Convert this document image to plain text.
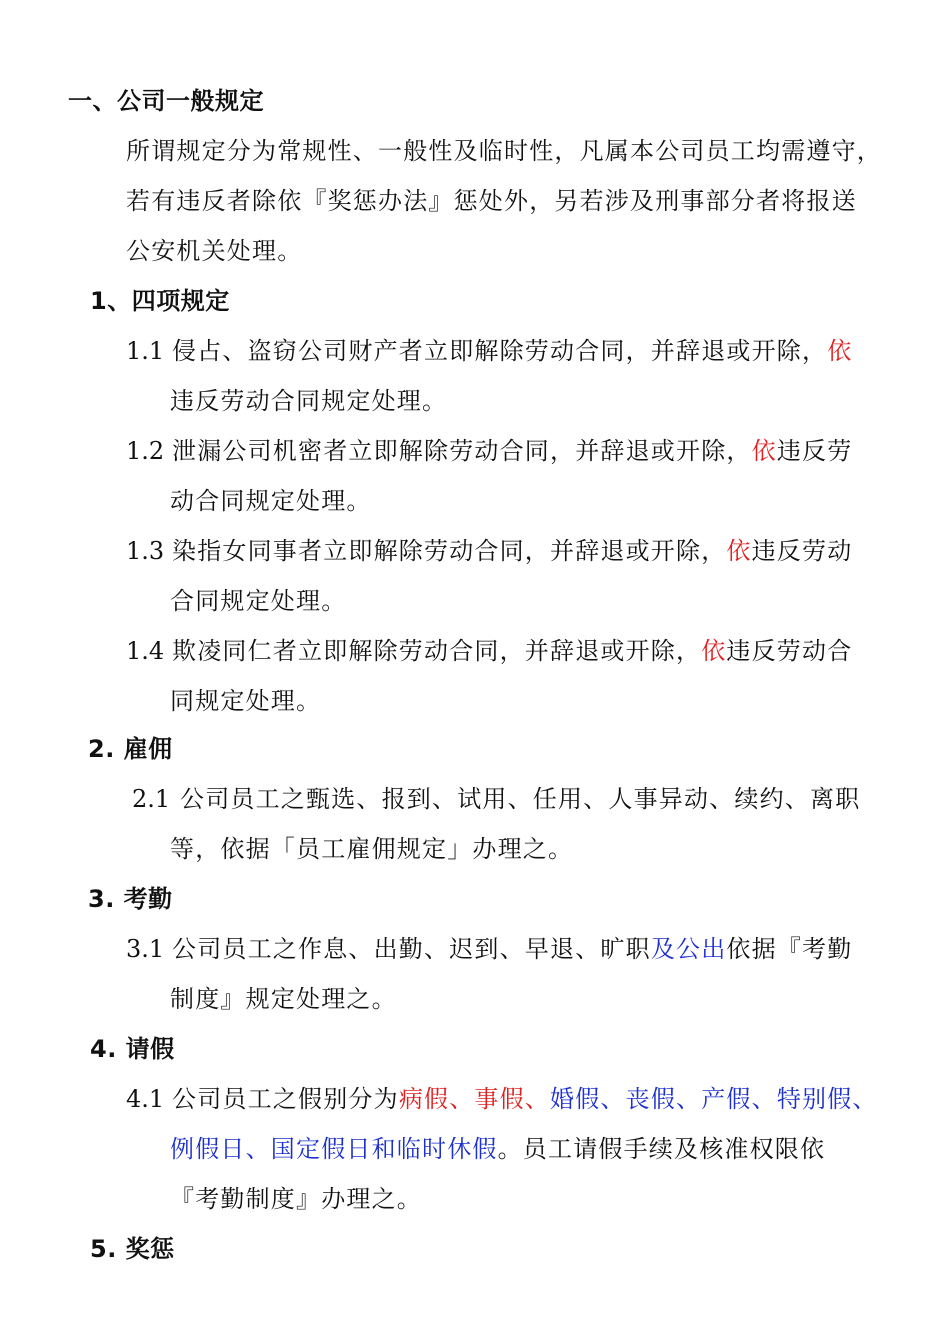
一、公司一般规定
所谓规定分为常规性、一般性及临时性，凡属本公司员工均需遵守，
若有违反者除依『奖惩办法』惩处外，另若涉及刑事部分者将报送
公安机关处理。
1、四项规定
1.1 侵占、盗窃公司财产者立即解除劳动合同，并辞退或开除，依
违反劳动合同规定处理。
1.2 泄漏公司机密者立即解除劳动合同，并辞退或开除，依违反劳
动合同规定处理。
1.3 染指女同事者立即解除劳动合同，并辞退或开除，依违反劳动
合同规定处理。
1.4 欺凌同仁者立即解除劳动合同，并辞退或开除，依违反劳动合
同规定处理。
2. 雇佣
2.1 公司员工之甄选、报到、试用、任用、人事异动、续约、离职
等，依据「员工雇佣规定」办理之。
3. 考勤
3.1 公司员工之作息、出勤、迟到、早退、旷职及公出依据『考勤
制度』规定处理之。
4. 请假
4.1 公司员工之假别分为病假、事假、婚假、丧假、产假、特别假、
例假日、国定假日和临时休假。员工请假手续及核准权限依
『考勤制度』办理之。
5. 奖惩
